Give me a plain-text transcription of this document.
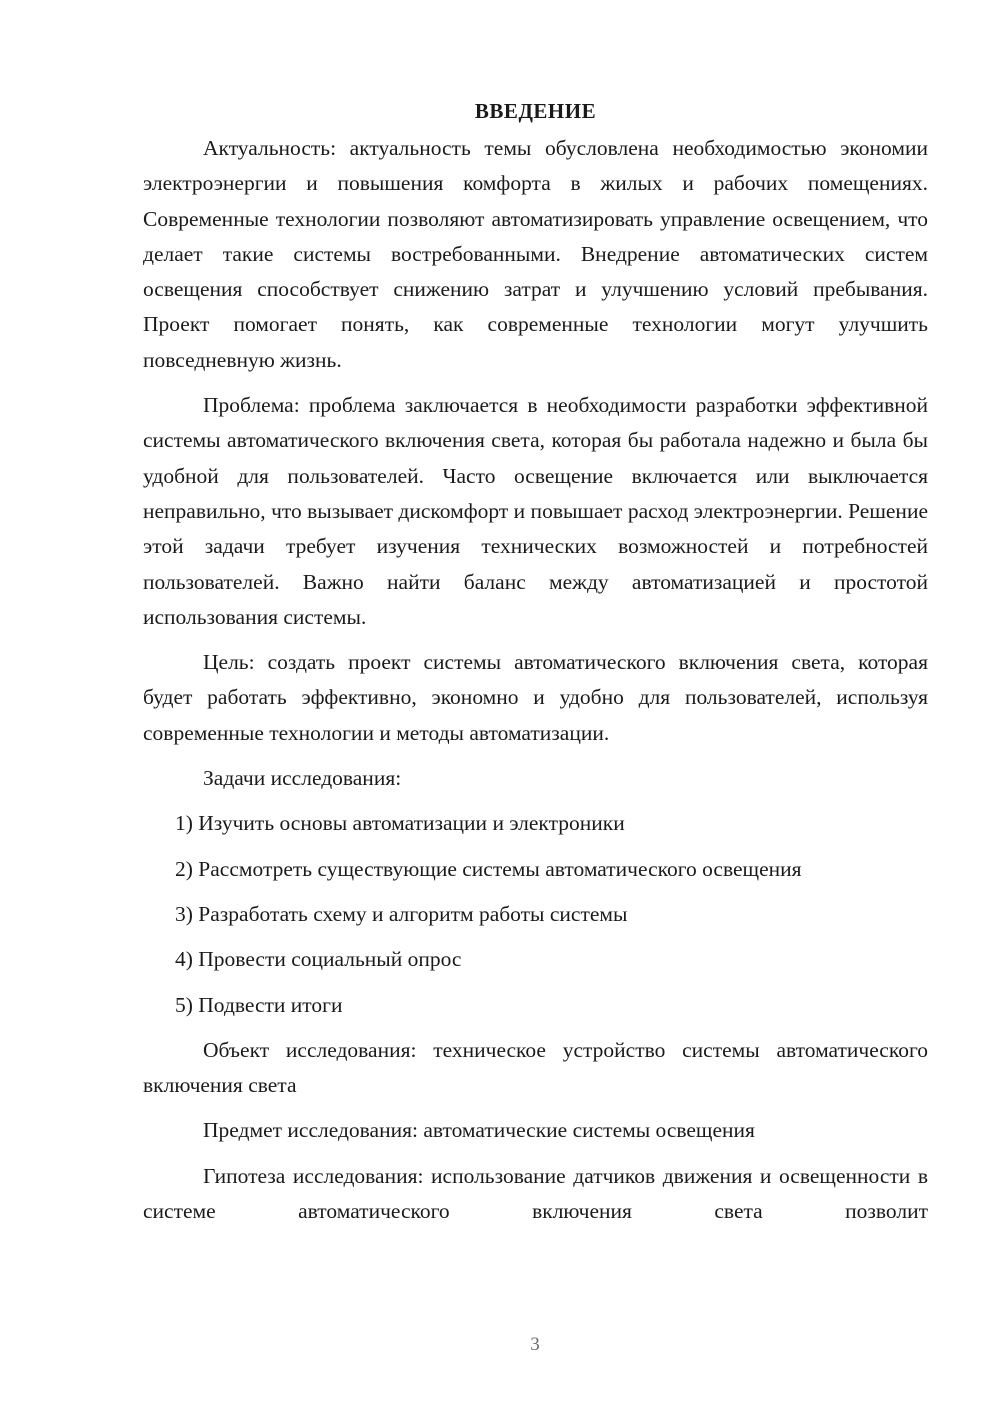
ВВЕДЕНИЕ

Актуальность: актуальность темы обусловлена необходимостью экономии электроэнергии и повышения комфорта в жилых и рабочих помещениях. Современные технологии позволяют автоматизировать управление освещением, что делает такие системы востребованными. Внедрение автоматических систем освещения способствует снижению затрат и улучшению условий пребывания. Проект помогает понять, как современные технологии могут улучшить повседневную жизнь.

Проблема: проблема заключается в необходимости разработки эффективной системы автоматического включения света, которая бы работала надежно и была бы удобной для пользователей. Часто освещение включается или выключается неправильно, что вызывает дискомфорт и повышает расход электроэнергии. Решение этой задачи требует изучения технических возможностей и потребностей пользователей. Важно найти баланс между автоматизацией и простотой использования системы.

Цель: создать проект системы автоматического включения света, которая будет работать эффективно, экономно и удобно для пользователей, используя современные технологии и методы автоматизации.

Задачи исследования:

1) Изучить основы автоматизации и электроники

2) Рассмотреть существующие системы автоматического освещения

3) Разработать схему и алгоритм работы системы

4) Провести социальный опрос

5) Подвести итоги

Объект исследования: техническое устройство системы автоматического включения света

Предмет исследования: автоматические системы освещения

Гипотеза исследования: использование датчиков движения и освещенности в системе автоматического включения света позволит

3
